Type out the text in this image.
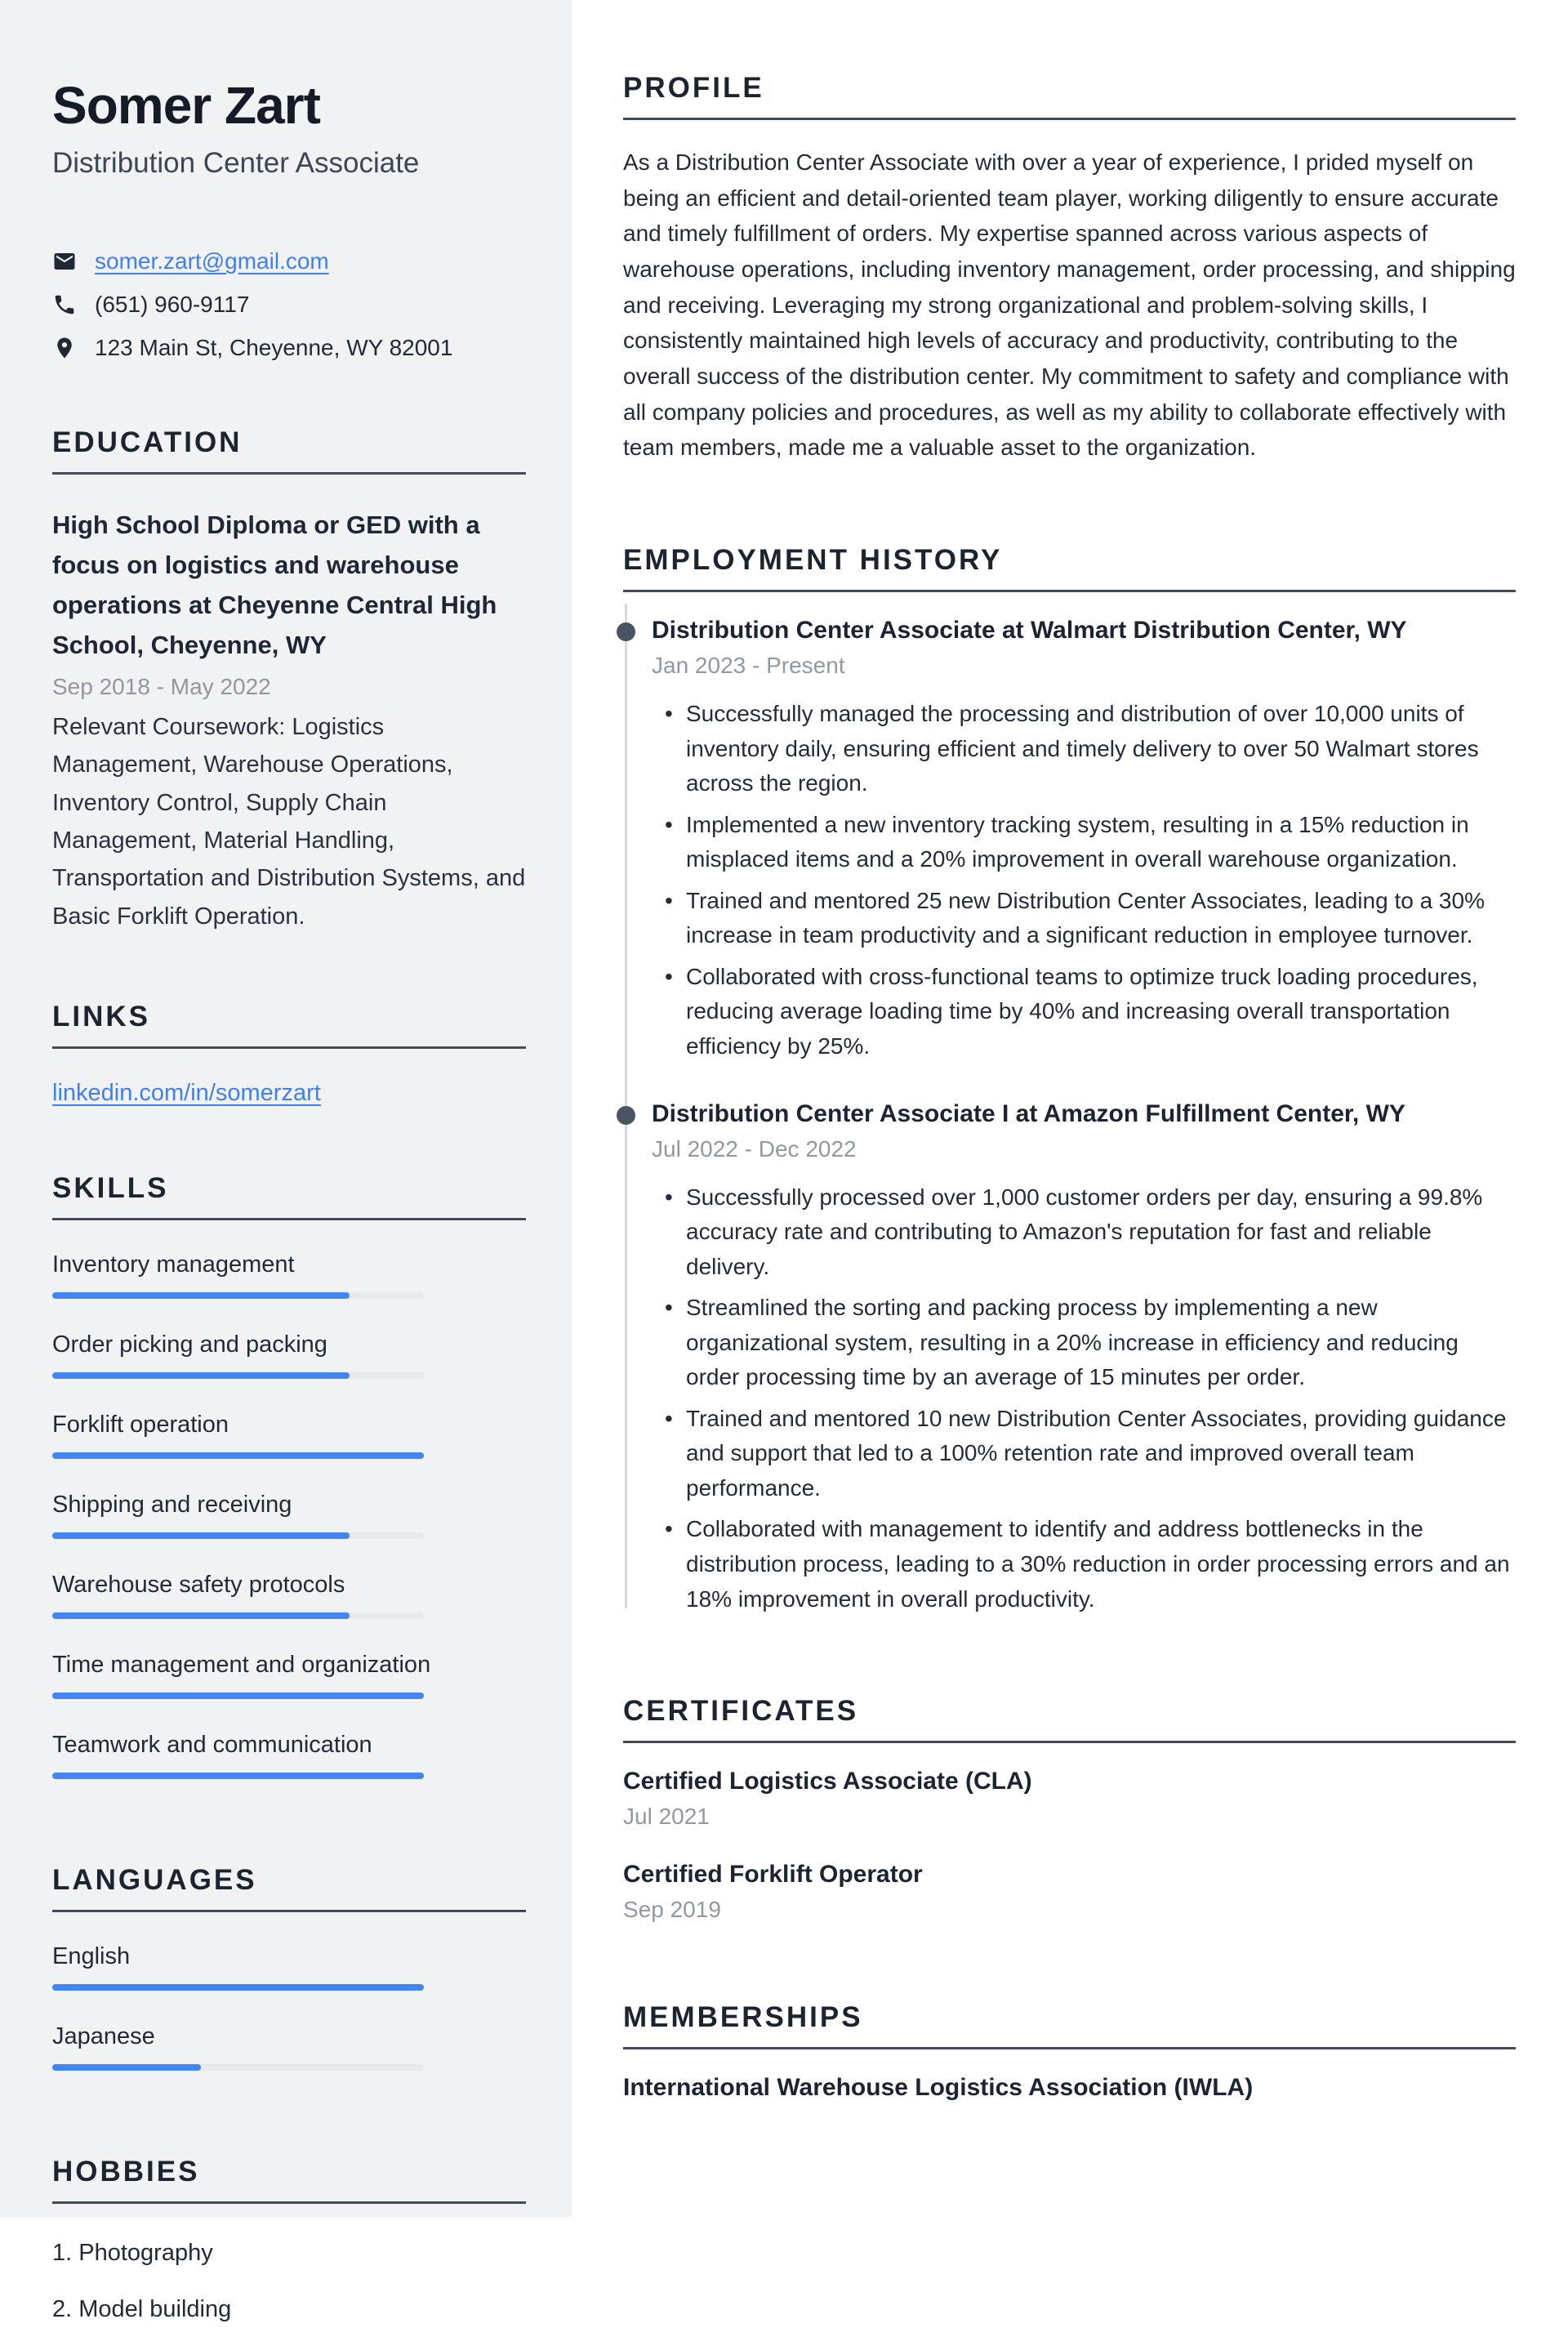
Somer Zart
Distribution Center Associate
somer.zart@gmail.com
(651) 960-9117
123 Main St, Cheyenne, WY 82001
EDUCATION
High School Diploma or GED with a focus on logistics and warehouse operations at Cheyenne Central High School, Cheyenne, WY
Sep 2018 - May 2022
Relevant Coursework: Logistics Management, Warehouse Operations, Inventory Control, Supply Chain Management, Material Handling, Transportation and Distribution Systems, and Basic Forklift Operation.
LINKS
linkedin.com/in/somerzart
SKILLS
Inventory management
Order picking and packing
Forklift operation
Shipping and receiving
Warehouse safety protocols
Time management and organization
Teamwork and communication
LANGUAGES
English
Japanese
HOBBIES
1. Photography
2. Model building
PROFILE

As a Distribution Center Associate with over a year of experience, I prided myself on being an efficient and detail-oriented team player, working diligently to ensure accurate and timely fulfillment of orders. My expertise spanned across various aspects of warehouse operations, including inventory management, order processing, and shipping and receiving. Leveraging my strong organizational and problem-solving skills, I consistently maintained high levels of accuracy and productivity, contributing to the overall success of the distribution center. My commitment to safety and compliance with all company policies and procedures, as well as my ability to collaborate effectively with team members, made me a valuable asset to the organization.

EMPLOYMENT HISTORY
Distribution Center Associate at Walmart Distribution Center, WY
Jan 2023 - Present
• Successfully managed the processing and distribution of over 10,000 units of inventory daily, ensuring efficient and timely delivery to over 50 Walmart stores across the region.
• Implemented a new inventory tracking system, resulting in a 15% reduction in misplaced items and a 20% improvement in overall warehouse organization.
• Trained and mentored 25 new Distribution Center Associates, leading to a 30% increase in team productivity and a significant reduction in employee turnover.
• Collaborated with cross-functional teams to optimize truck loading procedures, reducing average loading time by 40% and increasing overall transportation efficiency by 25%.
Distribution Center Associate I at Amazon Fulfillment Center, WY
Jul 2022 - Dec 2022
• Successfully processed over 1,000 customer orders per day, ensuring a 99.8% accuracy rate and contributing to Amazon's reputation for fast and reliable delivery.
• Streamlined the sorting and packing process by implementing a new organizational system, resulting in a 20% increase in efficiency and reducing order processing time by an average of 15 minutes per order.
• Trained and mentored 10 new Distribution Center Associates, providing guidance and support that led to a 100% retention rate and improved overall team performance.
• Collaborated with management to identify and address bottlenecks in the distribution process, leading to a 30% reduction in order processing errors and an 18% improvement in overall productivity.
CERTIFICATES
Certified Logistics Associate (CLA)
Jul 2021
Certified Forklift Operator
Sep 2019
MEMBERSHIPS
International Warehouse Logistics Association (IWLA)
